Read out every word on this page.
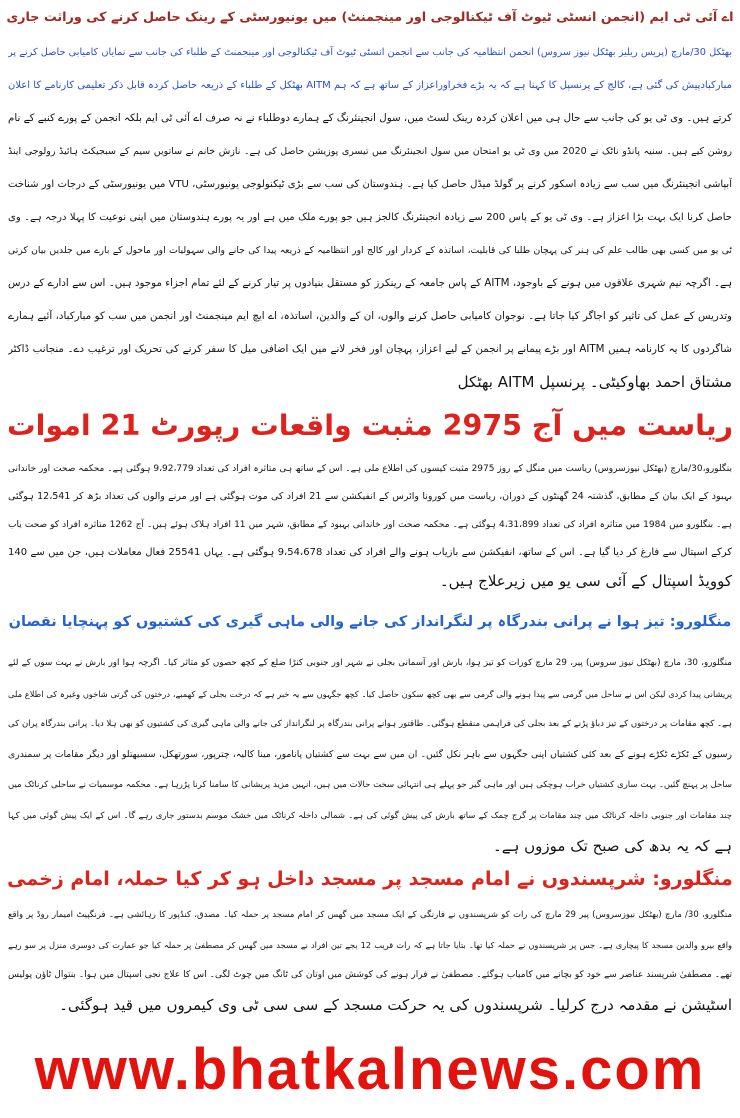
اے آئی ٹی ایم (انجمن انسٹی ٹیوٹ آف ٹیکنالوجی اور مینجمنٹ) میں یونیورسٹی کے رینک حاصل کرنے کی وراثت جاری
بھٹکل 30/مارچ (پریس ریلیز بھٹکل نیوز سروس) انجمن انتظامیہ کی جانب سے انجمن انسٹی ٹیوٹ آف ٹیکنالوجی اور مینجمنٹ کے طلباء کی جانب سے نمایاں کامیابی حاصل کرنے پر
مبارکبادپیش کی گئی ہے، کالج کے پرنسپل کا کہنا ہے کہ یہ بڑے فخراوراعزاز کے ساتھ ہے کہ ہم AITM بھٹکل کے طلباء کے ذریعہ حاصل کردہ قابل ذکر تعلیمی کارنامے کا اعلان
کرتے ہیں۔ وی ٹی یو کی جانب سے حال ہی میں اعلان کردہ رینک لسٹ میں، سول انجینئرنگ کے ہمارے دوطلباء نے نہ صرف اے آئی ٹی ایم بلکہ انجمن کے پورے کنبے کے نام
روشن کیے ہیں۔ سنیہ پانڈو ناٹک نے 2020 میں وی ٹی یو امتحان میں سول انجینئرنگ میں تیسری پوزیشن حاصل کی ہے۔ نازش خانم نے ساتویں سیم کے سبجیکٹ ہائیڈ رولوجی اینڈ
آبپاشی انجینئرنگ میں سب سے زیادہ اسکور کرنے پر گولڈ میڈل حاصل کیا ہے۔ ہندوستان کی سب سے بڑی ٹیکنولوجی یونیورسٹی، VTU میں یونیورسٹی کے درجات اور شناخت
حاصل کرنا ایک بہت بڑا اعزاز ہے۔ وی ٹی یو کے پاس 200 سے زیادہ انجینئرنگ کالجز ہیں جو پورے ملک میں ہے اور یہ پورے ہندوستان میں اپنی نوعیت کا پہلا درجہ ہے۔ وی
ٹی یو میں کسی بھی طالب علم کی ہنر کی پہچان طلبا کی قابلیت، اساتذہ کے کردار اور کالج اور انتظامیہ کے ذریعہ پیدا کی جانے والی سہولیات اور ماحول کے بارے میں جلدیں بیان کرتی
ہے۔ اگرچہ نیم شہری علاقوں میں ہونے کے باوجود، AITM کے پاس جامعہ کے رینکرز کو مستقل بنیادوں پر تیار کرنے کے لئے تمام اجزاء موجود ہیں۔ اس سے ادارے کے درس
وتدریس کے عمل کی تاثیر کو اجاگر کیا جاتا ہے۔ نوجوان کامیابی حاصل کرنے والوں، ان کے والدین، اساتذہ، اے ایچ ایم مینجمنٹ اور انجمن میں سب کو مبارکباد، آئیے ہمارے
شاگردوں کا یہ کارنامہ ہمیں AITM اور بڑے پیمانے پر انجمن کے لیے اعزاز، پہچان اور فخر لانے میں ایک اضافی میل کا سفر کرنے کی تحریک اور ترغیب دے۔ منجانب ڈاکٹر
مشتاق احمد بھاوکیٹی۔ پرنسپل AITM بھٹکل
ریاست میں آج 2975 مثبت واقعات رپورٹ 21 اموات
بنگلورو،30/مارچ (بھٹکل نیوزسروس) ریاست میں منگل کے روز 2975 مثبت کیسوں کی اطلاع ملی ہے۔ اس کے ساتھ ہی متاثرہ افراد کی تعداد 9،92،779 ہوگئی ہے۔ محکمہ صحت اور خاندانی
بہبود کے ایک بیان کے مطابق، گذشتہ 24 گھنٹوں کے دوران، ریاست میں کورونا وائرس کے انفیکشن سے 21 افراد کی موت ہوگئی ہے اور مرنے والوں کی تعداد بڑھ کر 12،541 ہوگئی
ہے۔ بنگلورو میں 1984 میں متاثرہ افراد کی تعداد 4،31،899 ہوگئی ہے۔ محکمہ صحت اور خاندانی بہبود کے مطابق، شہر میں 11 افراد ہلاک ہوئے ہیں۔ آج 1262 متاثرہ افراد کو صحت یاب
کرکے اسپتال سے فارغ کر دیا گیا ہے۔ اس کے ساتھ، انفیکشن سے بازیاب ہونے والے افراد کی تعداد 9،54،678 ہوگئی ہے۔ یہاں 25541 فعال معاملات ہیں، جن میں سے 140
کوویڈ اسپتال کے آئی سی یو میں زیرعلاج ہیں۔
منگلورو: تیز ہوا نے پرانی بندرگاہ پر لنگرانداز کی جانے والی ماہی گیری کی کشتیوں کو پہنچایا نقصان
منگلورو، 30، مارچ (بھٹکل نیوز سروس) پیر، 29 مارچ کورات کو تیز ہوا، بارش اور آسمانی بجلی نے شہر اور جنوبی کنڑا ضلع کے کچھ حصوں کو متاثر کیا۔ اگرچہ ہوا اور بارش نے بہت سوں کے لئے
پریشانی پیدا کردی لیکن اس نے ساحل میں گرمی سے پیدا ہونے والی گرمی سے بھی کچھ سکون حاصل کیا۔ کچھ جگہوں سے یہ خبر ہے کہ درخت بجلی کے کھمبے، درختوں کی گرتی شاخوں وغیرہ کی اطلاع ملی
ہے۔ کچھ مقامات پر درختوں کے تیز دباؤ پڑنے کے بعد بجلی کی فراہمی منقطع ہوگئی۔ طاقتور ہوانے پرانی بندرگاہ پر لنگرانداز کی جانے والی ماہی گیری کی کشتیوں کو بھی ہلا دیا۔ پرانی بندرگاہ پران کی
رسیوں کے ٹکڑے ٹکڑے ہونے کے بعد کئی کشتیاں اپنی جگہوں سے باہر نکل گئیں۔ ان میں سے بہت سے کشتیاں پانامور، مینا کالیہ، چترپور، سورتھکل، سسیھتلو اور دیگر مقامات پر سمندری
ساحل پر پہنچ گئیں۔ بہت ساری کشتیاں خراب ہوچکی ہیں اور ماہی گیر جو پہلے ہی انتہائی سخت حالات میں ہیں، انہیں مزید پریشانی کا سامنا کرنا پڑرہا ہے۔ محکمہ موسمیات نے ساحلی کرناٹک میں
چند مقامات اور جنوبی داخلہ کرناٹک میں چند مقامات پر گرج چمک کے ساتھ بارش کی پیش گوئی کی ہے۔ شمالی داخلہ کرناٹک میں خشک موسم بدستور جاری رہے گا۔ اس کے ایک پیش گوئی میں کہا
ہے کہ یہ بدھ کی صبح تک موزوں ہے۔
منگلورو: شرپسندوں نے امام مسجد پر مسجد داخل ہو کر کیا حملہ، امام زخمی
منگلورو، 30/ مارچ (بھٹکل نیوزسروس) پیر 29 مارچ کی رات کو شرپسندوں نے فارنگی کے ایک مسجد میں گھس کر امام مسجد پر حملہ کیا۔ مصدق، کنڈپور کا رہائشی ہے۔ فرنگپیٹ امیمار روڈ پر واقع
واقع بیرو والدین مسجد کا پیچاری ہے۔ جس پر شرپسندوں نے حملہ کیا تھا۔ بتایا جاتا ہے کہ رات قریب 12 بجے تین افراد نے مسجد میں گھس کر مصطفیٰ پر حملہ کیا جو عمارت کی دوسری منزل پر سو رہے
تھے۔ مصطفیٰ شرپسند عناصر سے خود کو بچانے میں کامیاب ہوگئے۔ مصطفیٰ نے فرار ہونے کی کوشش میں اوتان کی ٹانگ میں چوٹ لگی۔ اس کا علاج نجی اسپتال میں ہوا۔ بنتوال ٹاؤن پولیس
اسٹیشن نے مقدمہ درج کرلیا۔ شرپسندوں کی یہ حرکت مسجد کے سی سی ٹی وی کیمروں میں قید ہوگئی۔
www.bhatkalnews.com
